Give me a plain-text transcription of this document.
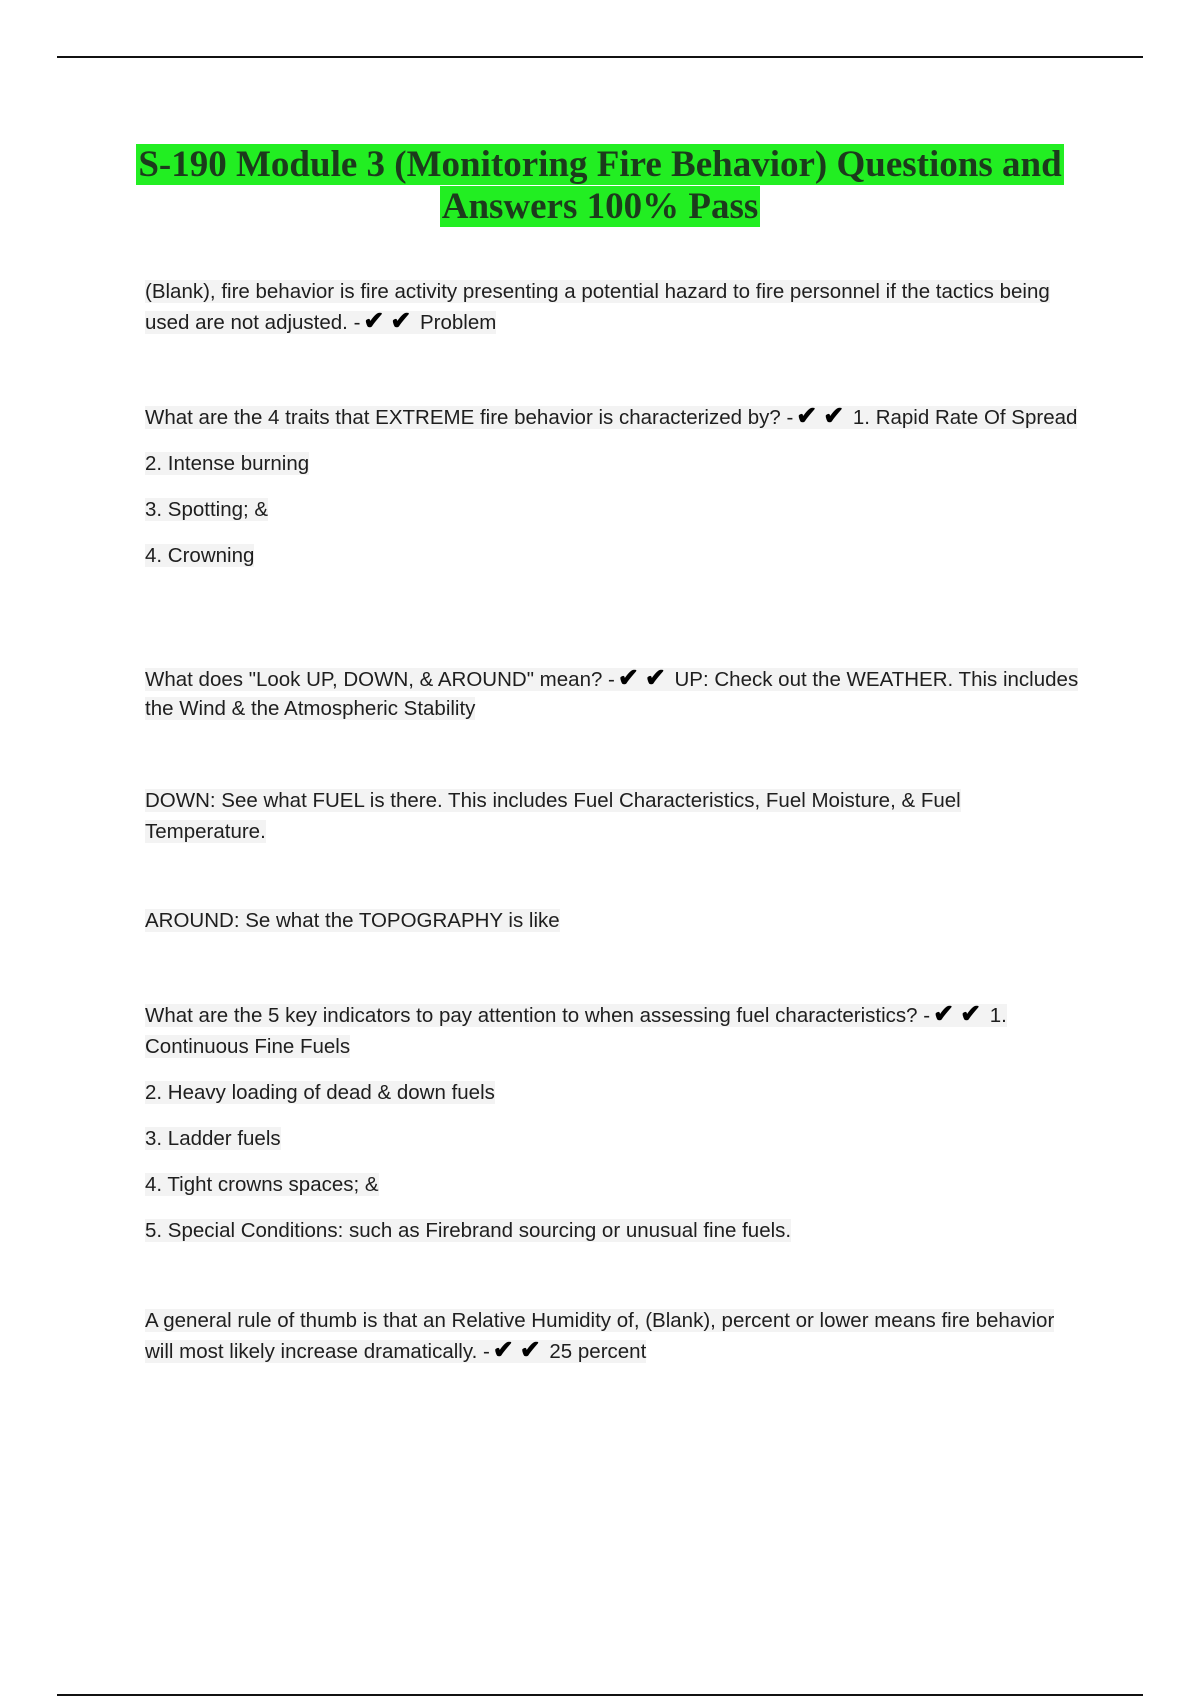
S-190 Module 3 (Monitoring Fire Behavior) Questions and Answers 100% Pass

(Blank), fire behavior is fire activity presenting a potential hazard to fire personnel if the tactics being used are not adjusted. - ✔ ✔ Problem

What are the 4 traits that EXTREME fire behavior is characterized by? - ✔ ✔ 1. Rapid Rate Of Spread

2. Intense burning

3. Spotting; &

4. Crowning

What does "Look UP, DOWN, & AROUND" mean? - ✔ ✔ UP: Check out the WEATHER. This includes the Wind & the Atmospheric Stability

DOWN: See what FUEL is there. This includes Fuel Characteristics, Fuel Moisture, & Fuel Temperature.

AROUND: Se what the TOPOGRAPHY is like

What are the 5 key indicators to pay attention to when assessing fuel characteristics? - ✔ ✔ 1. Continuous Fine Fuels

2. Heavy loading of dead & down fuels

3. Ladder fuels

4. Tight crowns spaces; &

5. Special Conditions: such as Firebrand sourcing or unusual fine fuels.

A general rule of thumb is that an Relative Humidity of, (Blank), percent or lower means fire behavior will most likely increase dramatically. - ✔ ✔ 25 percent
